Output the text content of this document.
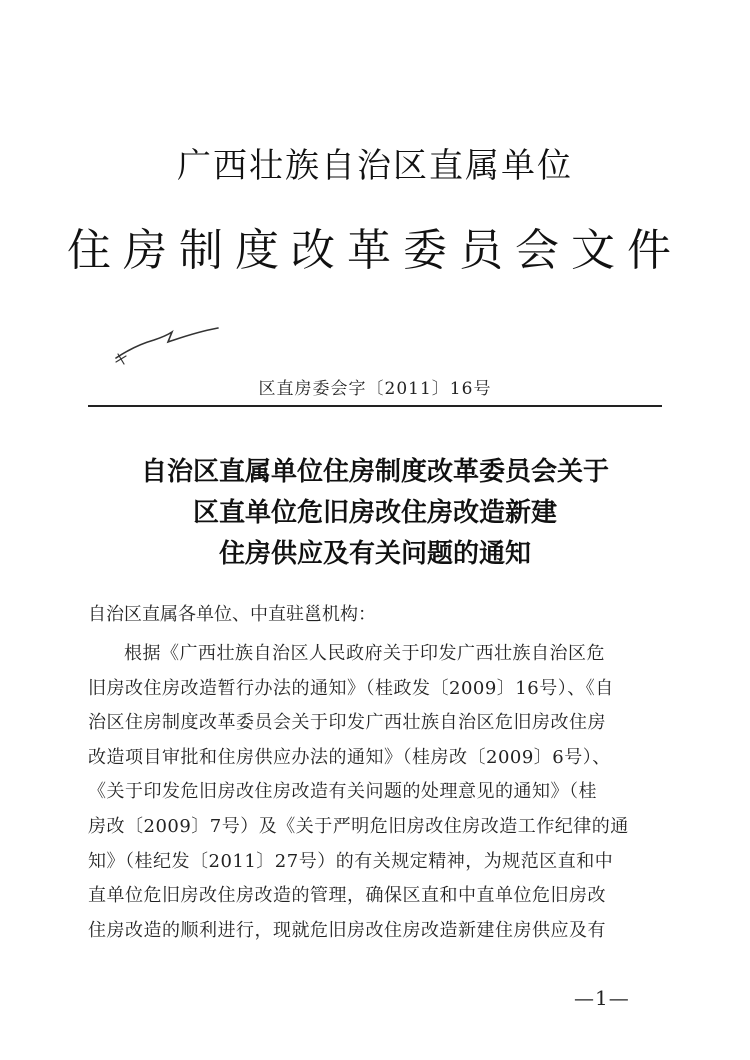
广西壮族自治区直属单位
住房制度改革委员会文件
区直房委会字〔2011〕16号
自治区直属单位住房制度改革委员会关于
区直单位危旧房改住房改造新建
住房供应及有关问题的通知
自治区直属各单位、中直驻邕机构：
根据《广西壮族自治区人民政府关于印发广西壮族自治区危
旧房改住房改造暂行办法的通知》（桂政发〔2009〕16号）、《自
治区住房制度改革委员会关于印发广西壮族自治区危旧房改住房
改造项目审批和住房供应办法的通知》（桂房改〔2009〕6号）、
《关于印发危旧房改住房改造有关问题的处理意见的通知》（桂
房改〔2009〕7号）及《关于严明危旧房改住房改造工作纪律的通
知》（桂纪发〔2011〕27号）的有关规定精神，为规范区直和中
直单位危旧房改住房改造的管理，确保区直和中直单位危旧房改
住房改造的顺利进行，现就危旧房改住房改造新建住房供应及有
—1—
